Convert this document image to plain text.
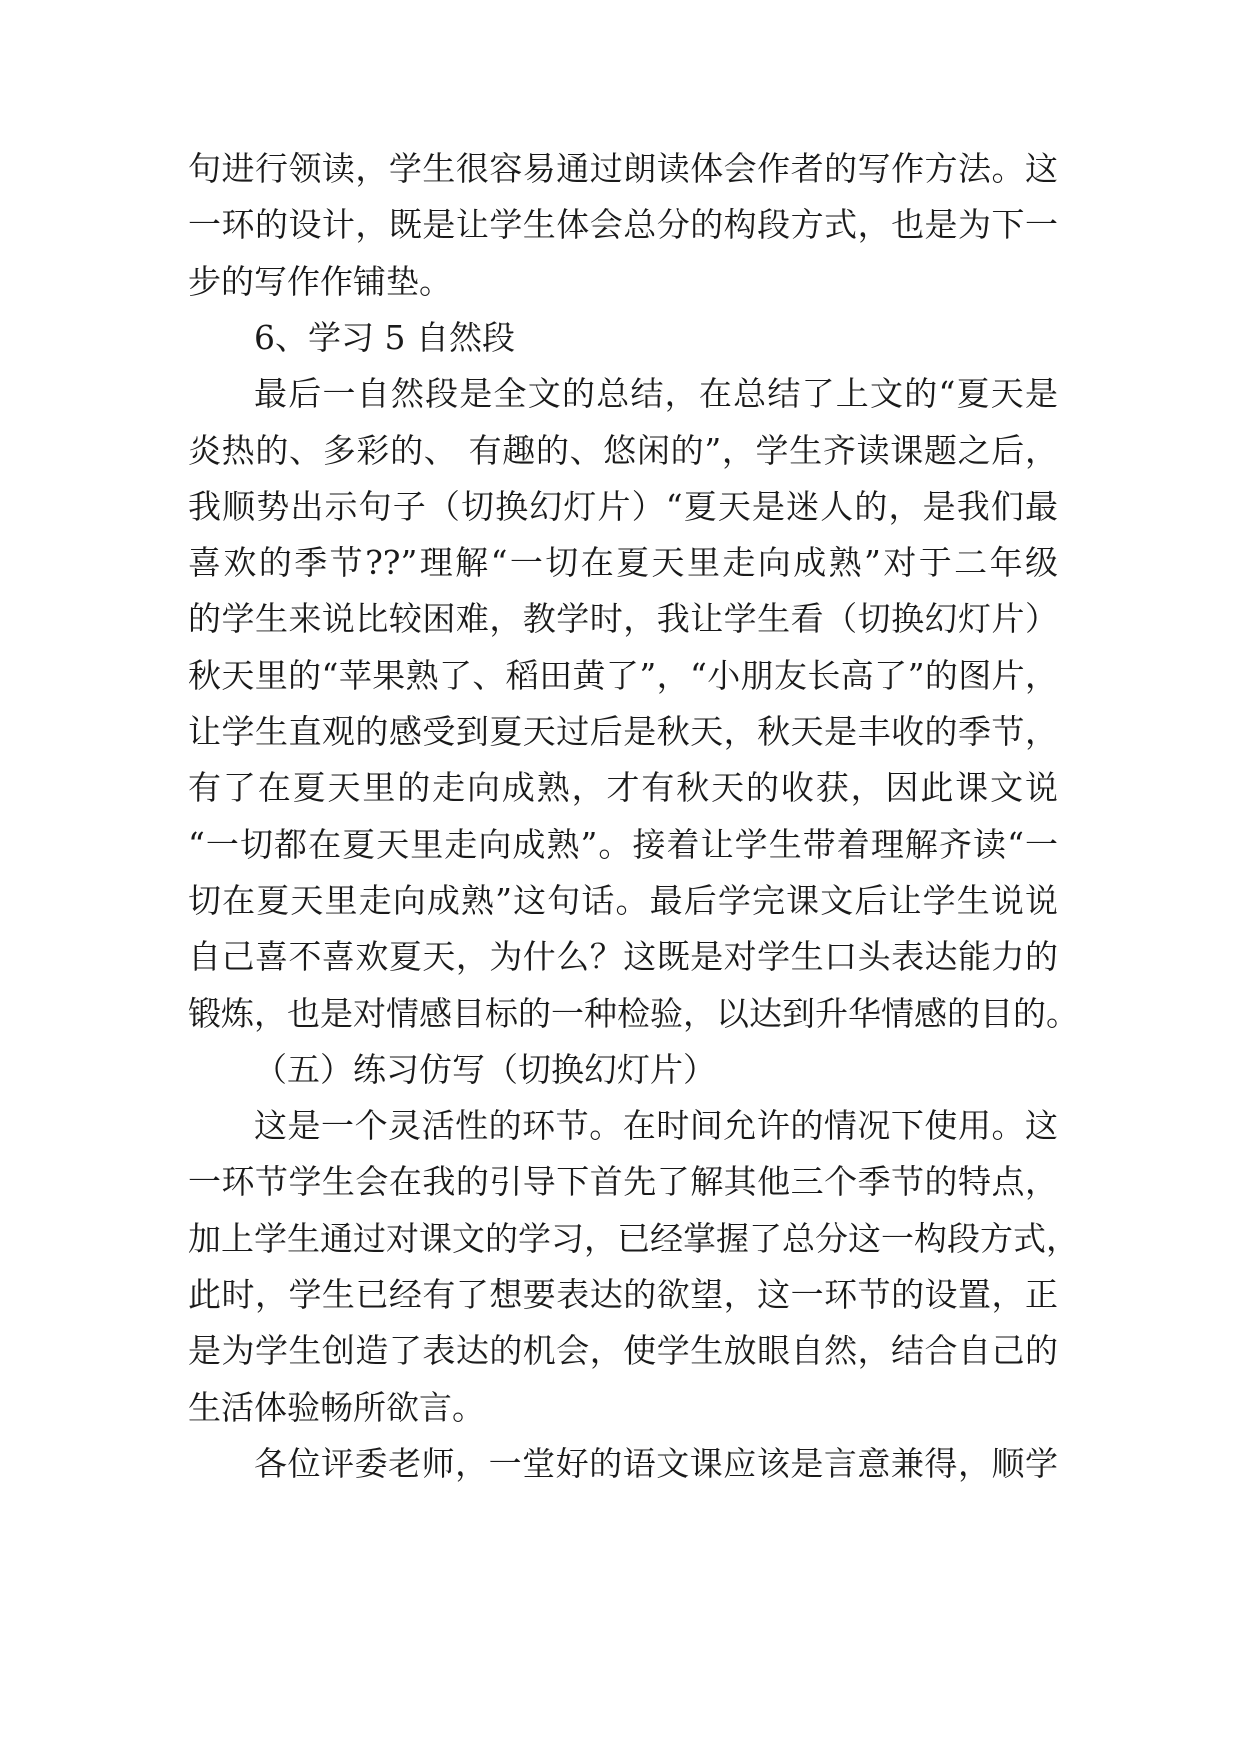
句进行领读，学生很容易通过朗读体会作者的写作方法。这
一环的设计，既是让学生体会总分的构段方式，也是为下一
步的写作作铺垫。
6、学习 5 自然段
最后一自然段是全文的总结，在总结了上文的“夏天是
炎热的、多彩的、 有趣的、悠闲的”，学生齐读课题之后，
我顺势出示句子（切换幻灯片）“夏天是迷人的，是我们最
喜欢的季节??”理解“一切在夏天里走向成熟”对于二年级
的学生来说比较困难，教学时，我让学生看（切换幻灯片）
秋天里的“苹果熟了、稻田黄了”，“小朋友长高了”的图片，
让学生直观的感受到夏天过后是秋天，秋天是丰收的季节，
有了在夏天里的走向成熟，才有秋天的收获，因此课文说
“一切都在夏天里走向成熟”。接着让学生带着理解齐读“一
切在夏天里走向成熟”这句话。最后学完课文后让学生说说
自己喜不喜欢夏天，为什么？这既是对学生口头表达能力的
锻炼，也是对情感目标的一种检验，以达到升华情感的目的。
（五）练习仿写（切换幻灯片）
这是一个灵活性的环节。在时间允许的情况下使用。这
一环节学生会在我的引导下首先了解其他三个季节的特点，
加上学生通过对课文的学习，已经掌握了总分这一构段方式，
此时，学生已经有了想要表达的欲望，这一环节的设置，正
是为学生创造了表达的机会，使学生放眼自然，结合自己的
生活体验畅所欲言。
各位评委老师，一堂好的语文课应该是言意兼得，顺学
